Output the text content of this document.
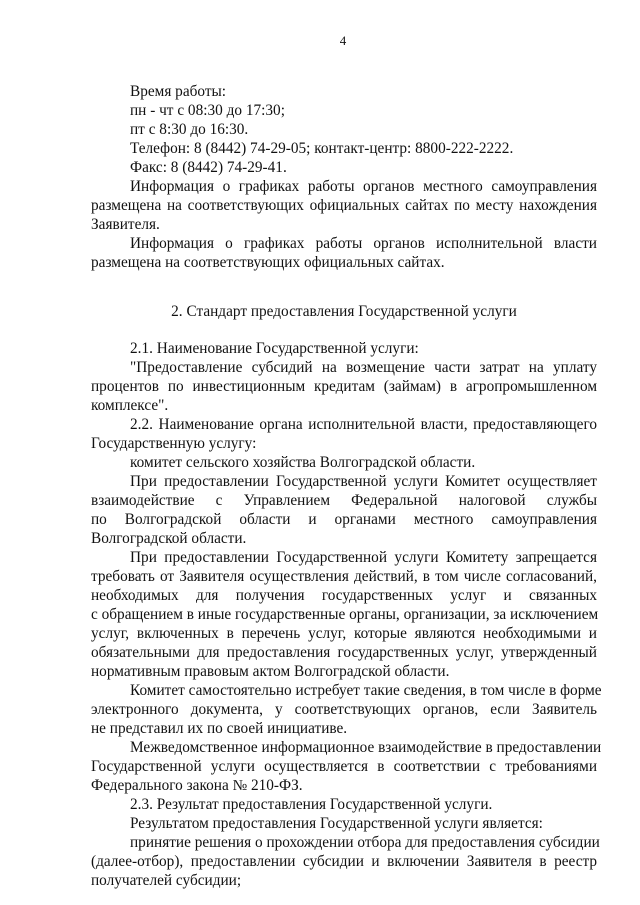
4
Время работы:
пн - чт с 08:30 до 17:30;
пт с 8:30 до 16:30.
Телефон: 8 (8442) 74-29-05; контакт-центр: 8800-222-2222.
Факс: 8 (8442) 74-29-41.
Информация о графиках работы органов местного самоуправления
размещена на соответствующих официальных сайтах по месту нахождения
Заявителя.
Информация о графиках работы органов исполнительной власти
размещена на соответствующих официальных сайтах.
2. Стандарт предоставления Государственной услуги
2.1. Наименование Государственной услуги:
"Предоставление субсидий на возмещение части затрат на уплату
процентов по инвестиционным кредитам (займам) в агропромышленном
комплексе".
2.2. Наименование органа исполнительной власти, предоставляющего
Государственную услугу:
комитет сельского хозяйства Волгоградской области.
При предоставлении Государственной услуги Комитет осуществляет
взаимодействие с Управлением Федеральной налоговой службы
по Волгоградской области и органами местного самоуправления
Волгоградской области.
При предоставлении Государственной услуги Комитету запрещается
требовать от Заявителя осуществления действий, в том числе согласований,
необходимых для получения государственных услуг и связанных
с обращением в иные государственные органы, организации, за исключением
услуг, включенных в перечень услуг, которые являются необходимыми и
обязательными для предоставления государственных услуг, утвержденный
нормативным правовым актом Волгоградской области.
Комитет самостоятельно истребует такие сведения, в том числе в форме
электронного документа, у соответствующих органов, если Заявитель
не представил их по своей инициативе.
Межведомственное информационное взаимодействие в предоставлении
Государственной услуги осуществляется в соответствии с требованиями
Федерального закона № 210-ФЗ.
2.3. Результат предоставления Государственной услуги.
Результатом предоставления Государственной услуги является:
принятие решения о прохождении отбора для предоставления субсидии
(далее-отбор), предоставлении субсидии и включении Заявителя в реестр
получателей субсидии;
